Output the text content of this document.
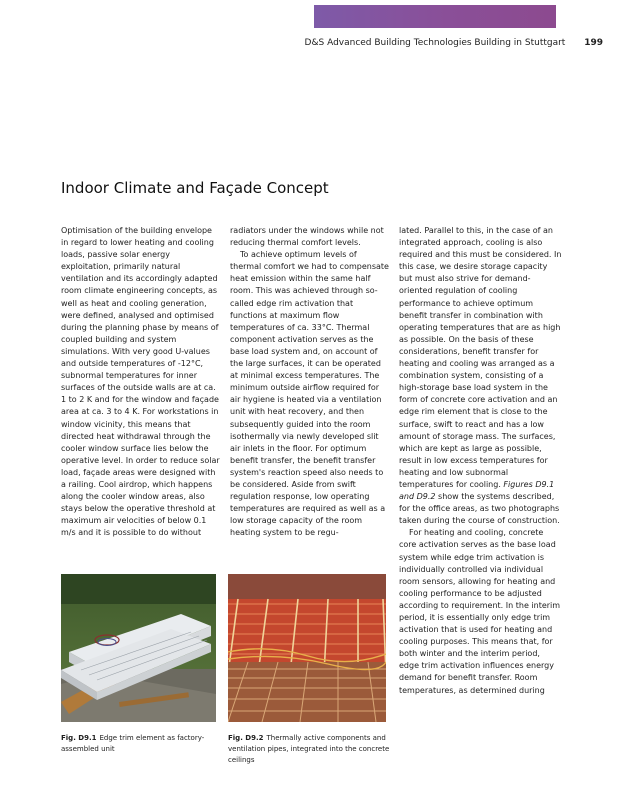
D&S Advanced Building Technologies Building in Stuttgart 199
Indoor Climate and Façade Concept

Optimisation of the building envelope in regard to lower heating and cooling loads, passive solar energy exploitation, primarily natural ventilation and its accordingly adapted room climate engineering concepts, as well as heat and cooling generation, were defined, analysed and optimised during the planning phase by means of coupled building and system simulations. With very good U-values and outside temperatures of -12°C, subnormal temperatures for inner surfaces of the outside walls are at ca. 1 to 2 K and for the window and façade area at ca. 3 to 4 K. For workstations in window vicinity, this means that directed heat withdrawal through the cooler window surface lies below the operative level. In order to reduce solar load, façade areas were designed with a railing. Cool airdrop, which happens along the cooler window areas, also stays below the operative threshold at maximum air velocities of below 0.1 m/s and it is possible to do without

radiators under the windows while not reducing thermal comfort levels.

To achieve optimum levels of thermal comfort we had to compensate heat emission within the same half room. This was achieved through so-called edge rim activation that functions at maximum flow temperatures of ca. 33°C. Thermal component activation serves as the base load system and, on account of the large surfaces, it can be operated at minimal excess temperatures. The minimum outside airflow required for air hygiene is heated via a ventilation unit with heat recovery, and then subsequently guided into the room isothermally via newly developed slit air inlets in the floor. For optimum benefit transfer, the benefit transfer system's reaction speed also needs to be considered. Aside from swift regulation response, low operating temperatures are required as well as a low storage capacity of the room heating system to be regu-

lated. Parallel to this, in the case of an integrated approach, cooling is also required and this must be considered. In this case, we desire storage capacity but must also strive for demand-oriented regulation of cooling performance to achieve optimum benefit transfer in combination with operating temperatures that are as high as possible. On the basis of these considerations, benefit transfer for heating and cooling was arranged as a combination system, consisting of a high-storage base load system in the form of concrete core activation and an edge rim element that is close to the surface, swift to react and has a low amount of storage mass. The surfaces, which are kept as large as possible, result in low excess temperatures for heating and low subnormal temperatures for cooling. Figures D9.1 and D9.2 show the systems described, for the office areas, as two photographs taken during the course of construction.

For heating and cooling, concrete core activation serves as the base load system while edge trim activation is individually controlled via individual room sensors, allowing for heating and cooling performance to be adjusted according to requirement. In the interim period, it is essentially only edge trim activation that is used for heating and cooling purposes. This means that, for both winter and the interim period, edge trim activation influences energy demand for benefit transfer. Room temperatures, as determined during

Fig. D9.1 Edge trim element as factory-assembled unit
Fig. D9.2 Thermally active components and ventilation pipes, integrated into the concrete ceilings
